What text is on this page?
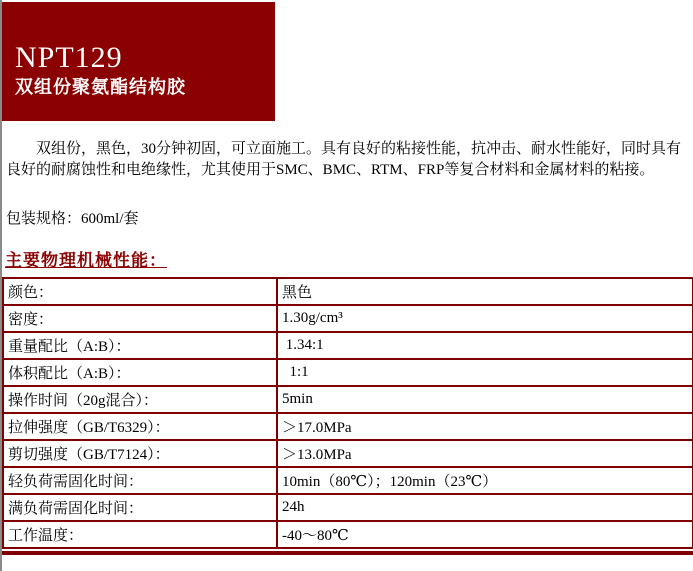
NPT129
双组份聚氨酯结构胶

双组份，黑色，30分钟初固，可立面施工。具有良好的粘接性能，抗冲击、耐水性能好，同时具有良好的耐腐蚀性和电绝缘性，尤其使用于SMC、BMC、RTM、FRP等复合材料和金属材料的粘接。

包装规格：600ml/套

主要物理机械性能：
颜色：	黑色
密度：	1.30g/cm³
重量配比（A:B）：	1.34:1
体积配比（A:B）：	1:1
操作时间（20g混合）：	5min
拉伸强度（GB/T6329）：	＞17.0MPa
剪切强度（GB/T7124）：	＞13.0MPa
轻负荷需固化时间：	10min（80℃）；120min（23℃）
满负荷需固化时间：	24h
工作温度：	-40～80℃
